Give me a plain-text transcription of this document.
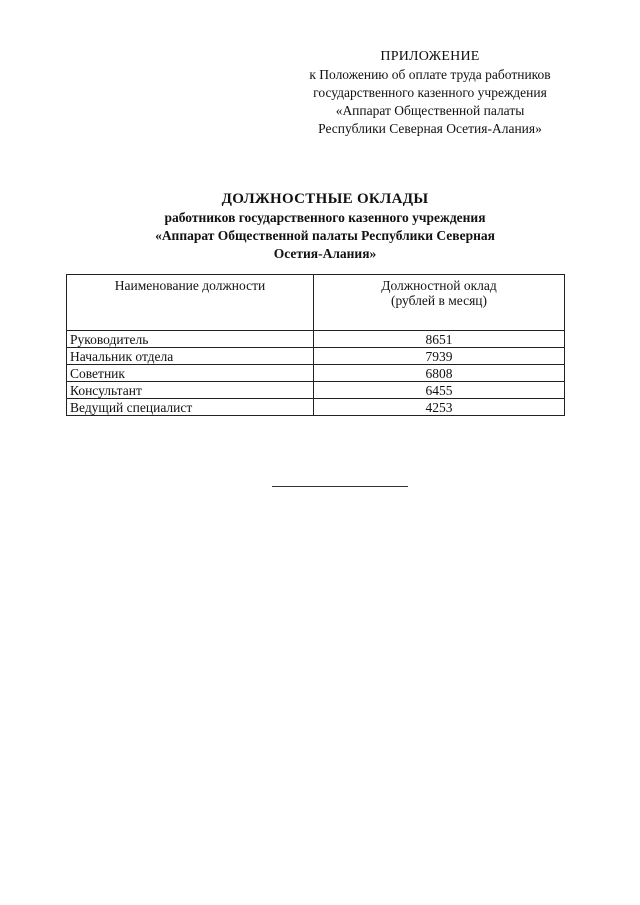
ПРИЛОЖЕНИЕ
к Положению об оплате труда работников
государственного казенного учреждения
«Аппарат Общественной палаты
Республики Северная Осетия-Алания»
ДОЛЖНОСТНЫЕ ОКЛАДЫ
работников государственного казенного учреждения
«Аппарат Общественной палаты Республики Северная
Осетия-Алания»
Наименование должности	Должностной оклад (рублей в месяц)
Руководитель	8651
Начальник отдела	7939
Советник	6808
Консультант	6455
Ведущий специалист	4253
